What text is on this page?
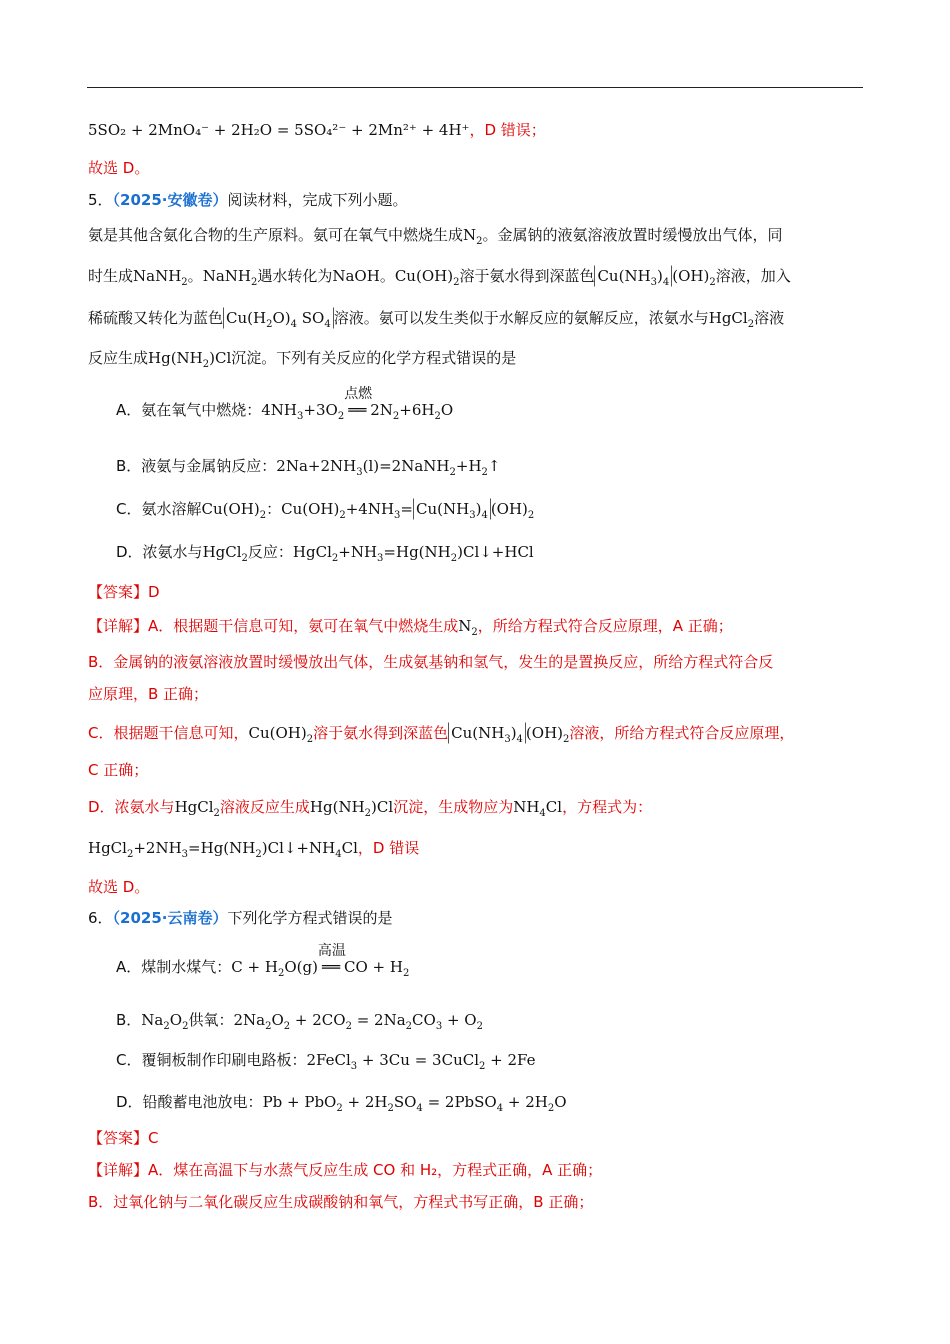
5SO₂ + 2MnO₄⁻ + 2H₂O = 5SO₄²⁻ + 2Mn²⁺ + 4H⁺，D 错误；
故选 D。
5．（2025·安徽卷）阅读材料，完成下列小题。
氨是其他含氨化合物的生产原料。氨可在氧气中燃烧生成$N_2$。金属钠的液氨溶液放置时缓慢放出气体，同
时生成NaNH$_2$。NaNH$_2$遇水转化为NaOH。$Cu(OH)_2$溶于氨水得到深蓝色 $Cu(NH_3)_4$ $(OH)_2$溶液，加入
稀硫酸又转化为蓝色 $Cu(H_2O)_4$ $SO_4$ 溶液。氨可以发生类似于水解反应的氨解反应，浓氨水与HgCl$_2$溶液
反应生成$Hg(NH_2)Cl$沉淀。下列有关反应的化学方程式错误的是
A．氨在氧气中燃烧：$4NH_3+3O_2$
点燃
══ $2N_2+6H_2O$
B．液氨与金属钠反应：$2Na+2NH_3(l)=2NaNH_2+H_2↑$
C．氨水溶解$Cu(OH)_2$：$Cu(OH)_2+4NH_3= Cu(NH_3)_4$ $(OH)_2$
D．浓氨水与HgCl$_2$反应：$HgCl_2+NH_3=Hg(NH_2)Cl↓+HCl$
【答案】D
【详解】A．根据题干信息可知，氨可在氧气中燃烧生成$N_2$，所给方程式符合反应原理，A 正确；
B．金属钠的液氨溶液放置时缓慢放出气体，生成氨基钠和氢气，发生的是置换反应，所给方程式符合反
应原理，B 正确；
C．根据题干信息可知，$Cu(OH)_2$溶于氨水得到深蓝色 $Cu(NH_3)_4$ $(OH)_2$溶液，所给方程式符合反应原理，
C 正确；
D．浓氨水与HgCl$_2$溶液反应生成$Hg(NH_2)Cl$沉淀，生成物应为$NH_4Cl$，方程式为：
$HgCl_2+2NH_3=Hg(NH_2)Cl↓+NH_4Cl$，D 错误
故选 D。
6．（2025·云南卷）下列化学方程式错误的是
A．煤制水煤气：$C + H_2O(g)$
高温
══ CO + $H_2$
B．$Na_2O_2$供氧：$2Na_2O_2 + 2CO_2 = 2Na_2CO_3 + O_2$
C．覆铜板制作印刷电路板：2FeCl$_3$ + 3Cu = 3CuCl$_2$ + 2Fe
D．铅酸蓄电池放电：$Pb + PbO_2 + 2H_2SO_4$ = 2PbSO$_4$ + $2H_2O$
【答案】C
【详解】A．煤在高温下与水蒸气反应生成 CO 和 H₂，方程式正确，A 正确；
B．过氧化钠与二氧化碳反应生成碳酸钠和氧气，方程式书写正确，B 正确；
